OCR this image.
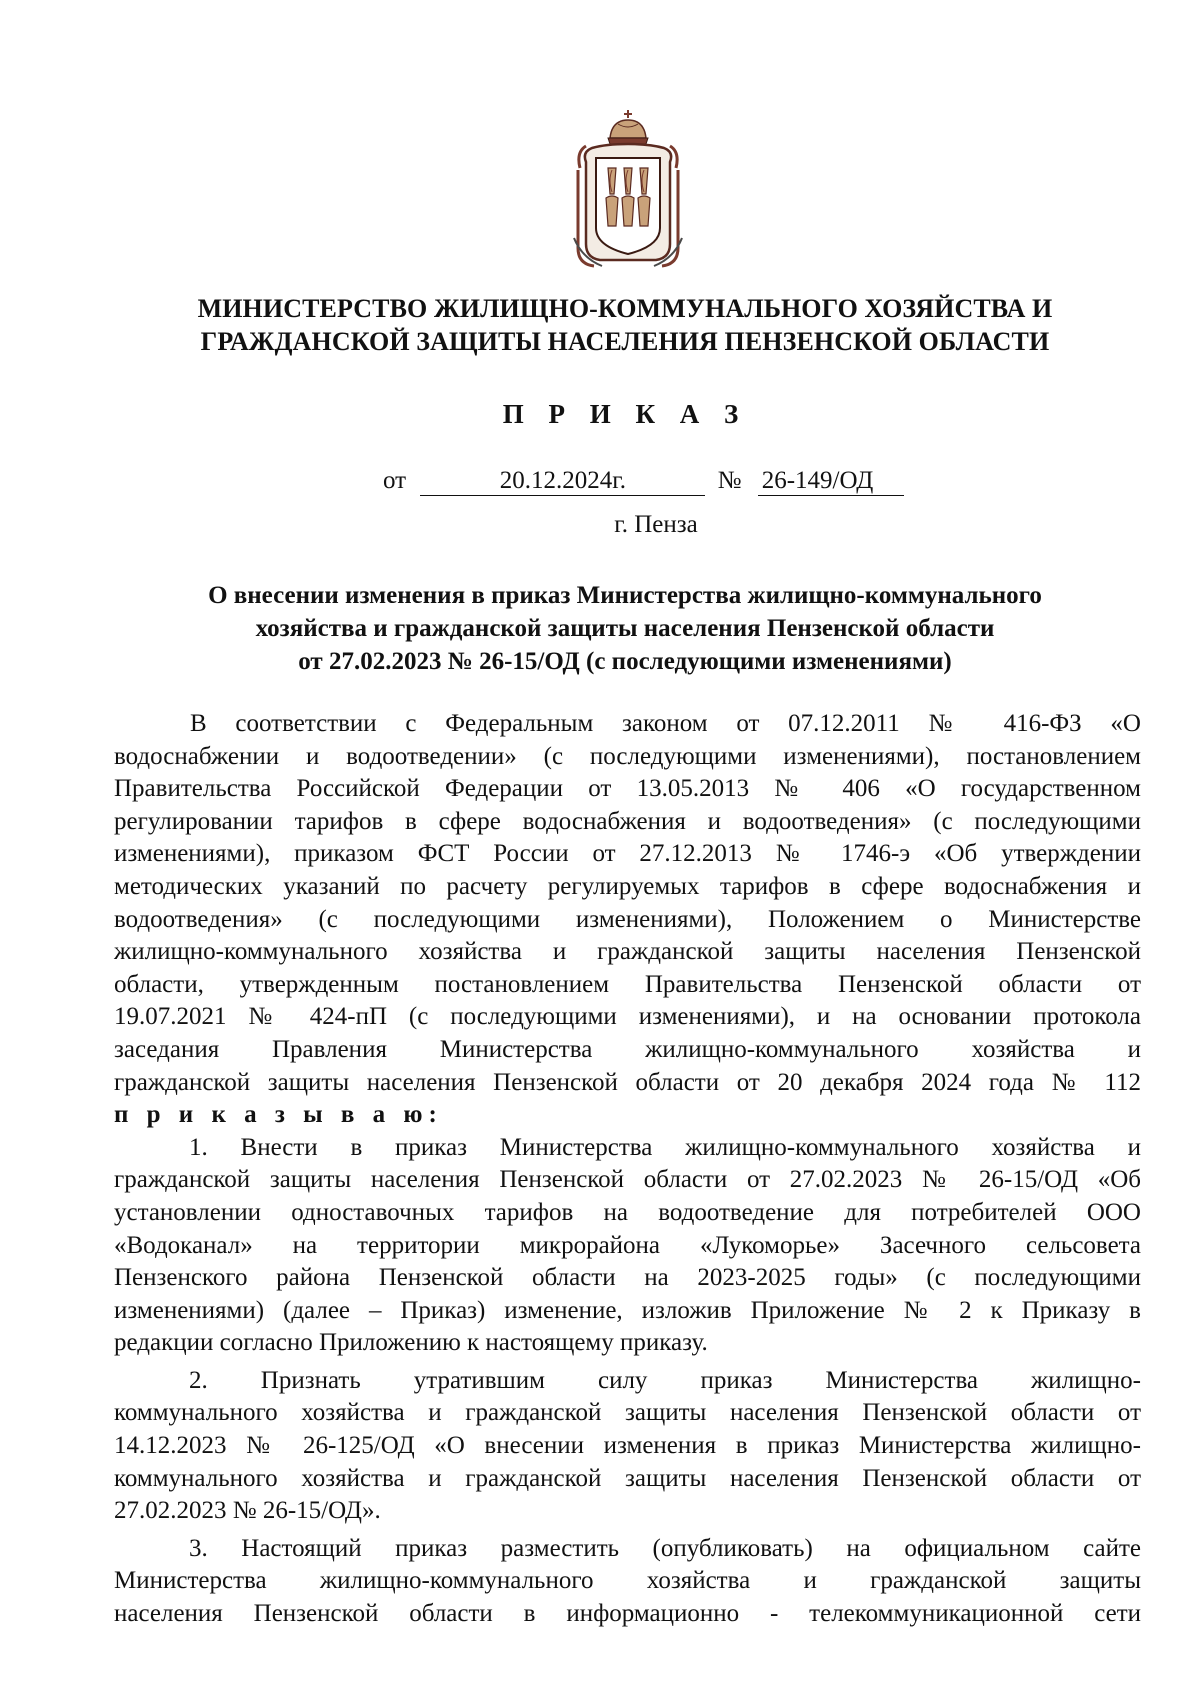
МИНИСТЕРСТВО ЖИЛИЩНО-КОММУНАЛЬНОГО ХОЗЯЙСТВА И
ГРАЖДАНСКОЙ ЗАЩИТЫ НАСЕЛЕНИЯ ПЕНЗЕНСКОЙ ОБЛАСТИ
П Р И К А З
от	20.12.2024г.	№ 26-149/ОД
г. Пенза
О внесении изменения в приказ Министерства жилищно-коммунального
хозяйства и гражданской защиты населения Пензенской области
от 27.02.2023 № 26-15/ОД (с последующими изменениями)
В соответствии с Федеральным законом от 07.12.2011 № 416-ФЗ «О
водоснабжении и водоотведении» (с последующими изменениями), постановлением
Правительства Российской Федерации от 13.05.2013 № 406 «О государственном
регулировании тарифов в сфере водоснабжения и водоотведения» (с последующими
изменениями), приказом ФСТ России от 27.12.2013 № 1746-э «Об утверждении
методических указаний по расчету регулируемых тарифов в сфере водоснабжения и
водоотведения» (с последующими изменениями), Положением о Министерстве
жилищно-коммунального хозяйства и гражданской защиты населения Пензенской
области, утвержденным постановлением Правительства Пензенской области от
19.07.2021 № 424-пП (с последующими изменениями), и на основании протокола
заседания Правления Министерства жилищно-коммунального хозяйства и
гражданской защиты населения Пензенской области от 20 декабря 2024 года № 112
п р и к а з ы в а ю:
1. Внести в приказ Министерства жилищно-коммунального хозяйства и
гражданской защиты населения Пензенской области от 27.02.2023 № 26-15/ОД «Об
установлении одноставочных тарифов на водоотведение для потребителей ООО
«Водоканал» на территории микрорайона «Лукоморье» Засечного сельсовета
Пензенского района Пензенской области на 2023-2025 годы» (с последующими
изменениями) (далее – Приказ) изменение, изложив Приложение № 2 к Приказу в
редакции согласно Приложению к настоящему приказу.
2. Признать утратившим силу приказ Министерства жилищно-
коммунального хозяйства и гражданской защиты населения Пензенской области от
14.12.2023 № 26-125/ОД «О внесении изменения в приказ Министерства жилищно-
коммунального хозяйства и гражданской защиты населения Пензенской области от
27.02.2023 № 26-15/ОД».
3. Настоящий приказ разместить (опубликовать) на официальном сайте
Министерства жилищно-коммунального хозяйства и гражданской защиты
населения Пензенской области в информационно - телекоммуникационной сети
